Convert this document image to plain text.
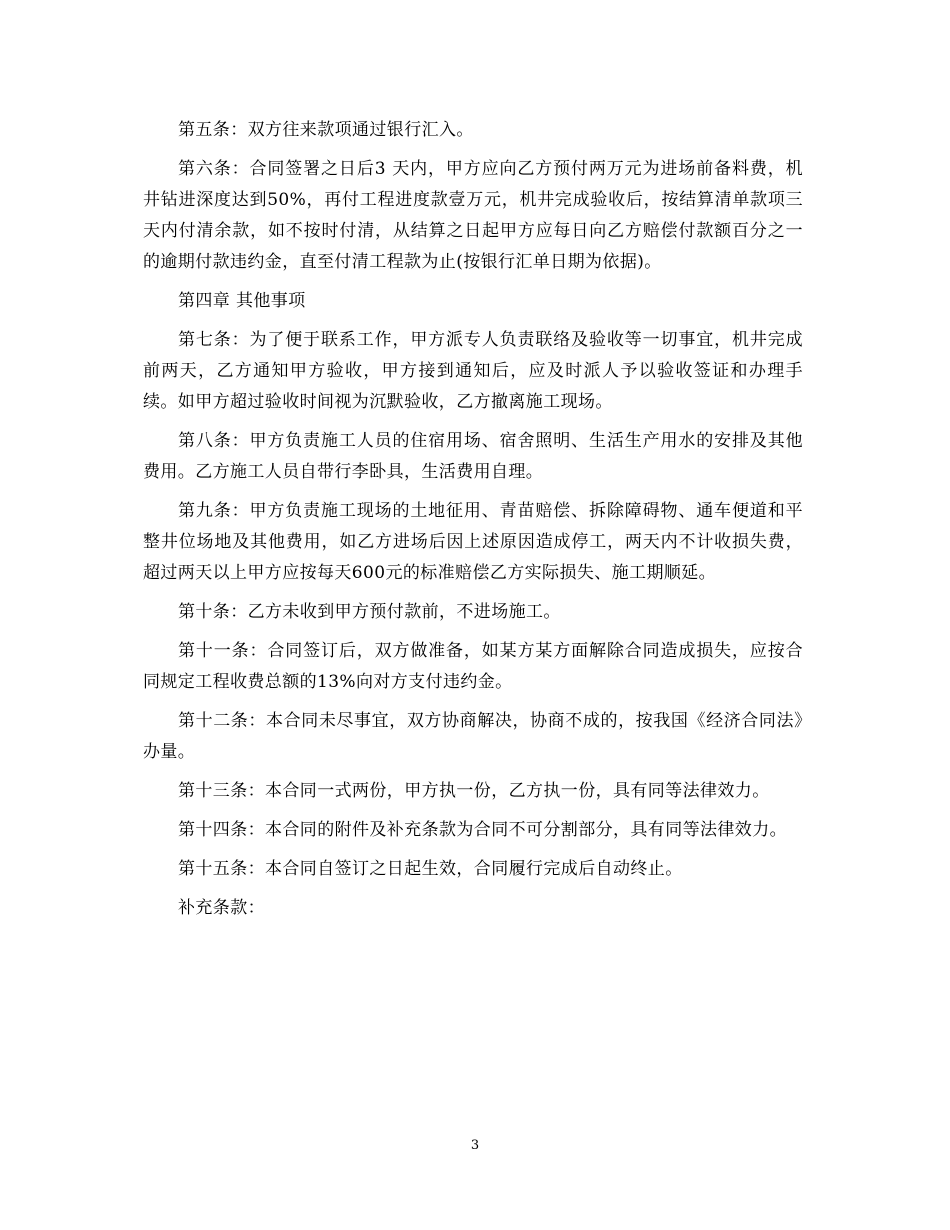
第五条：双方往来款项通过银行汇入。

第六条：合同签署之日后3 天内，甲方应向乙方预付两万元为进场前备料费，机井钻进深度达到50%，再付工程进度款壹万元，机井完成验收后，按结算清单款项三天内付清余款，如不按时付清，从结算之日起甲方应每日向乙方赔偿付款额百分之一的逾期付款违约金，直至付清工程款为止(按银行汇单日期为依据)。

第四章 其他事项

第七条：为了便于联系工作，甲方派专人负责联络及验收等一切事宜，机井完成前两天，乙方通知甲方验收，甲方接到通知后，应及时派人予以验收签证和办理手续。如甲方超过验收时间视为沉默验收，乙方撤离施工现场。

第八条：甲方负责施工人员的住宿用场、宿舍照明、生活生产用水的安排及其他费用。乙方施工人员自带行李卧具，生活费用自理。

第九条：甲方负责施工现场的土地征用、青苗赔偿、拆除障碍物、通车便道和平整井位场地及其他费用，如乙方进场后因上述原因造成停工，两天内不计收损失费，超过两天以上甲方应按每天600元的标准赔偿乙方实际损失、施工期顺延。

第十条：乙方未收到甲方预付款前，不进场施工。

第十一条：合同签订后，双方做准备，如某方某方面解除合同造成损失，应按合同规定工程收费总额的13%向对方支付违约金。

第十二条：本合同未尽事宜，双方协商解决，协商不成的，按我国《经济合同法》办量。

第十三条：本合同一式两份，甲方执一份，乙方执一份，具有同等法律效力。

第十四条：本合同的附件及补充条款为合同不可分割部分，具有同等法律效力。

第十五条：本合同自签订之日起生效，合同履行完成后自动终止。

补充条款：

3
